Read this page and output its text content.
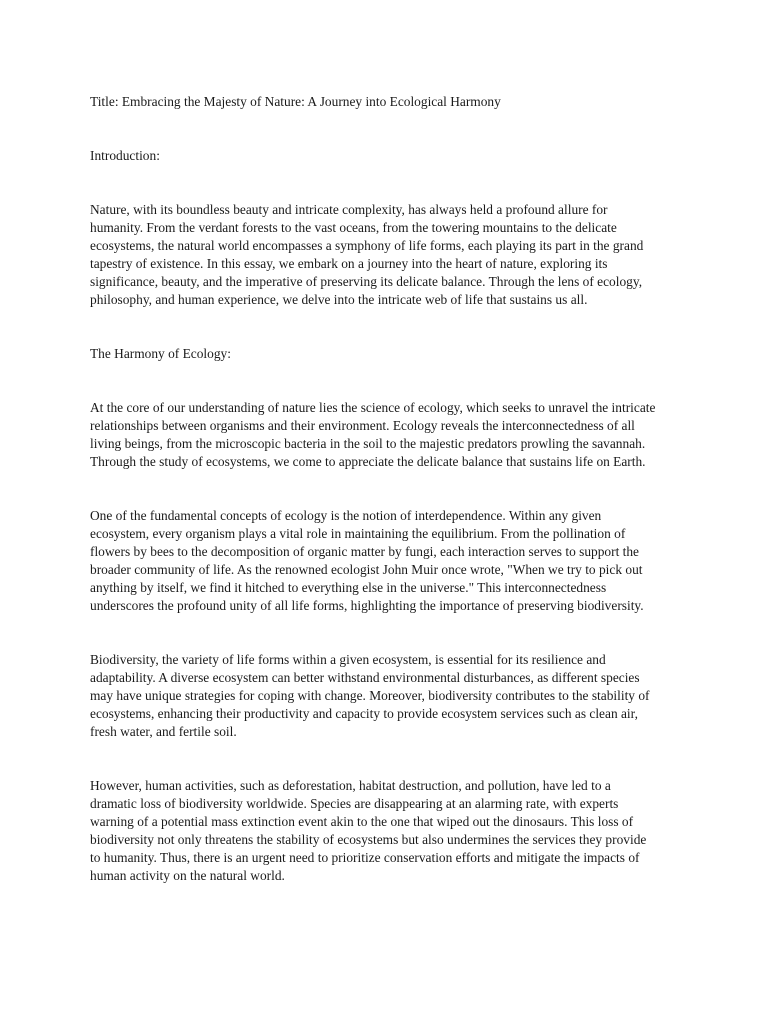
Title: Embracing the Majesty of Nature: A Journey into Ecological Harmony

Introduction:

Nature, with its boundless beauty and intricate complexity, has always held a profound allure for
humanity. From the verdant forests to the vast oceans, from the towering mountains to the delicate
ecosystems, the natural world encompasses a symphony of life forms, each playing its part in the grand
tapestry of existence. In this essay, we embark on a journey into the heart of nature, exploring its
significance, beauty, and the imperative of preserving its delicate balance. Through the lens of ecology,
philosophy, and human experience, we delve into the intricate web of life that sustains us all.

The Harmony of Ecology:

At the core of our understanding of nature lies the science of ecology, which seeks to unravel the intricate
relationships between organisms and their environment. Ecology reveals the interconnectedness of all
living beings, from the microscopic bacteria in the soil to the majestic predators prowling the savannah.
Through the study of ecosystems, we come to appreciate the delicate balance that sustains life on Earth.

One of the fundamental concepts of ecology is the notion of interdependence. Within any given
ecosystem, every organism plays a vital role in maintaining the equilibrium. From the pollination of
flowers by bees to the decomposition of organic matter by fungi, each interaction serves to support the
broader community of life. As the renowned ecologist John Muir once wrote, "When we try to pick out
anything by itself, we find it hitched to everything else in the universe." This interconnectedness
underscores the profound unity of all life forms, highlighting the importance of preserving biodiversity.

Biodiversity, the variety of life forms within a given ecosystem, is essential for its resilience and
adaptability. A diverse ecosystem can better withstand environmental disturbances, as different species
may have unique strategies for coping with change. Moreover, biodiversity contributes to the stability of
ecosystems, enhancing their productivity and capacity to provide ecosystem services such as clean air,
fresh water, and fertile soil.

However, human activities, such as deforestation, habitat destruction, and pollution, have led to a
dramatic loss of biodiversity worldwide. Species are disappearing at an alarming rate, with experts
warning of a potential mass extinction event akin to the one that wiped out the dinosaurs. This loss of
biodiversity not only threatens the stability of ecosystems but also undermines the services they provide
to humanity. Thus, there is an urgent need to prioritize conservation efforts and mitigate the impacts of
human activity on the natural world.
